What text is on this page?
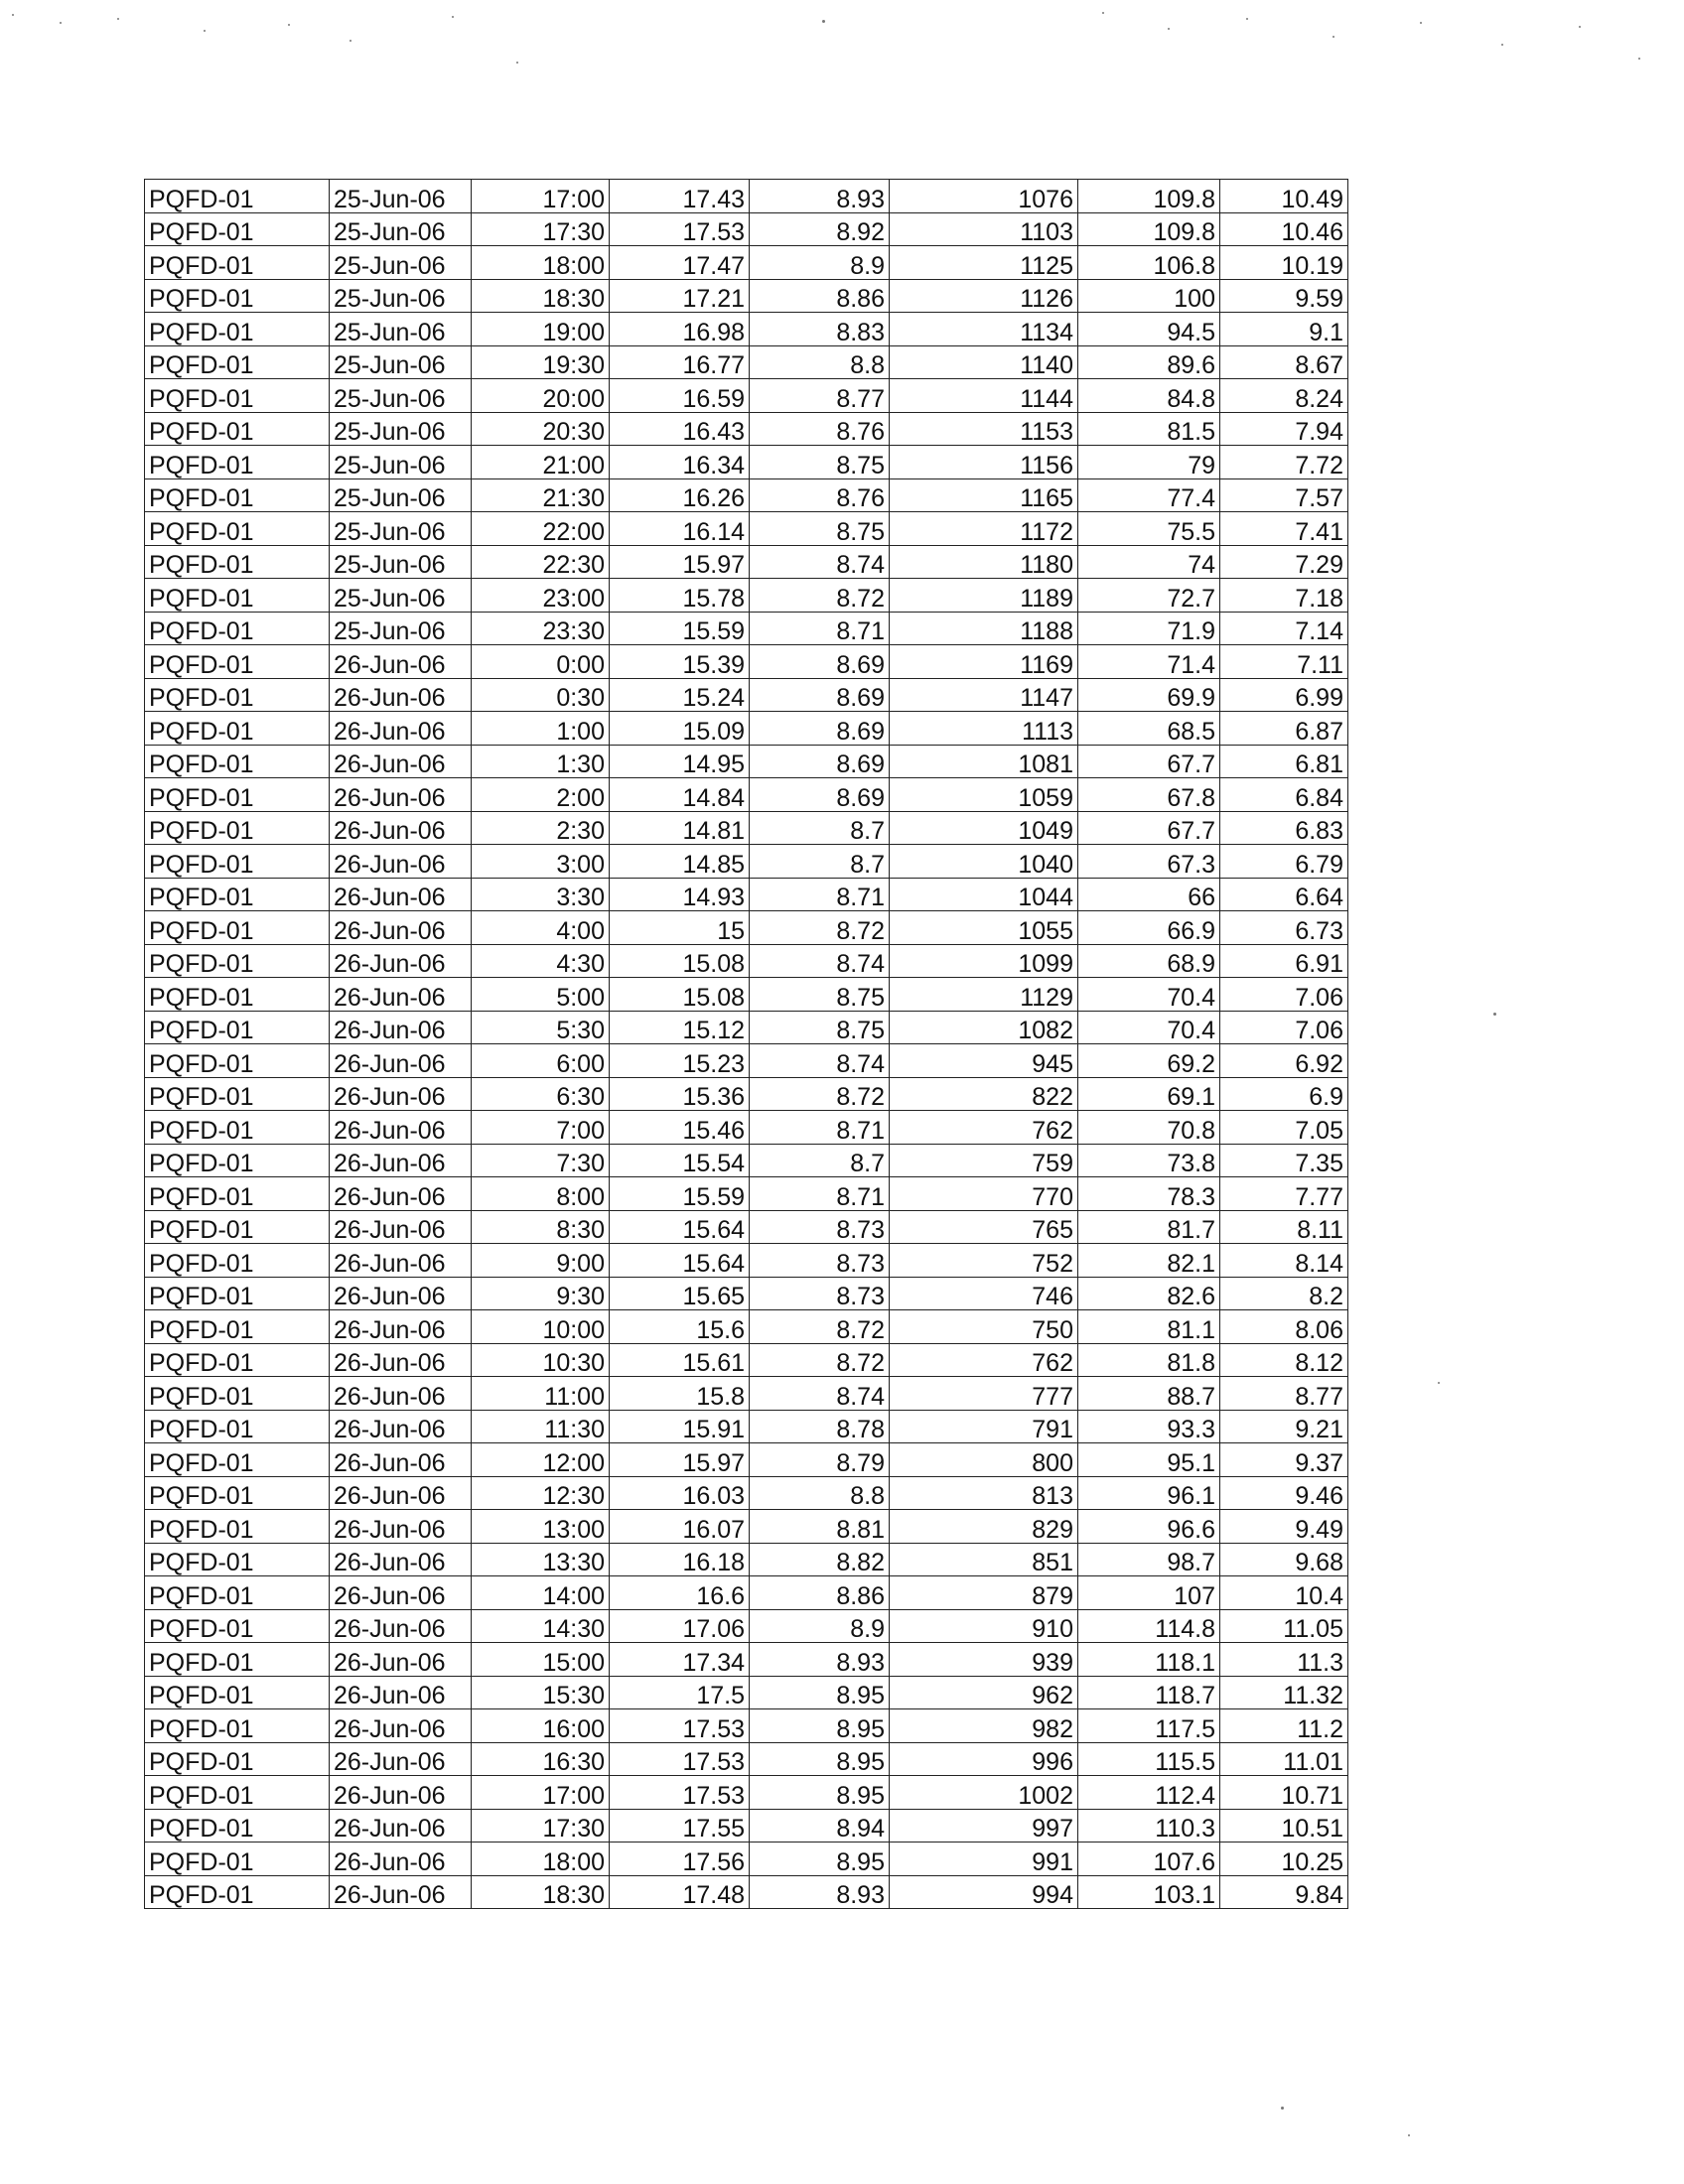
PQFD-01	25-Jun-06	17:00	17.43	8.93	1076	109.8	10.49
PQFD-01	25-Jun-06	17:30	17.53	8.92	1103	109.8	10.46
PQFD-01	25-Jun-06	18:00	17.47	8.9	1125	106.8	10.19
PQFD-01	25-Jun-06	18:30	17.21	8.86	1126	100	9.59
PQFD-01	25-Jun-06	19:00	16.98	8.83	1134	94.5	9.1
PQFD-01	25-Jun-06	19:30	16.77	8.8	1140	89.6	8.67
PQFD-01	25-Jun-06	20:00	16.59	8.77	1144	84.8	8.24
PQFD-01	25-Jun-06	20:30	16.43	8.76	1153	81.5	7.94
PQFD-01	25-Jun-06	21:00	16.34	8.75	1156	79	7.72
PQFD-01	25-Jun-06	21:30	16.26	8.76	1165	77.4	7.57
PQFD-01	25-Jun-06	22:00	16.14	8.75	1172	75.5	7.41
PQFD-01	25-Jun-06	22:30	15.97	8.74	1180	74	7.29
PQFD-01	25-Jun-06	23:00	15.78	8.72	1189	72.7	7.18
PQFD-01	25-Jun-06	23:30	15.59	8.71	1188	71.9	7.14
PQFD-01	26-Jun-06	0:00	15.39	8.69	1169	71.4	7.11
PQFD-01	26-Jun-06	0:30	15.24	8.69	1147	69.9	6.99
PQFD-01	26-Jun-06	1:00	15.09	8.69	1113	68.5	6.87
PQFD-01	26-Jun-06	1:30	14.95	8.69	1081	67.7	6.81
PQFD-01	26-Jun-06	2:00	14.84	8.69	1059	67.8	6.84
PQFD-01	26-Jun-06	2:30	14.81	8.7	1049	67.7	6.83
PQFD-01	26-Jun-06	3:00	14.85	8.7	1040	67.3	6.79
PQFD-01	26-Jun-06	3:30	14.93	8.71	1044	66	6.64
PQFD-01	26-Jun-06	4:00	15	8.72	1055	66.9	6.73
PQFD-01	26-Jun-06	4:30	15.08	8.74	1099	68.9	6.91
PQFD-01	26-Jun-06	5:00	15.08	8.75	1129	70.4	7.06
PQFD-01	26-Jun-06	5:30	15.12	8.75	1082	70.4	7.06
PQFD-01	26-Jun-06	6:00	15.23	8.74	945	69.2	6.92
PQFD-01	26-Jun-06	6:30	15.36	8.72	822	69.1	6.9
PQFD-01	26-Jun-06	7:00	15.46	8.71	762	70.8	7.05
PQFD-01	26-Jun-06	7:30	15.54	8.7	759	73.8	7.35
PQFD-01	26-Jun-06	8:00	15.59	8.71	770	78.3	7.77
PQFD-01	26-Jun-06	8:30	15.64	8.73	765	81.7	8.11
PQFD-01	26-Jun-06	9:00	15.64	8.73	752	82.1	8.14
PQFD-01	26-Jun-06	9:30	15.65	8.73	746	82.6	8.2
PQFD-01	26-Jun-06	10:00	15.6	8.72	750	81.1	8.06
PQFD-01	26-Jun-06	10:30	15.61	8.72	762	81.8	8.12
PQFD-01	26-Jun-06	11:00	15.8	8.74	777	88.7	8.77
PQFD-01	26-Jun-06	11:30	15.91	8.78	791	93.3	9.21
PQFD-01	26-Jun-06	12:00	15.97	8.79	800	95.1	9.37
PQFD-01	26-Jun-06	12:30	16.03	8.8	813	96.1	9.46
PQFD-01	26-Jun-06	13:00	16.07	8.81	829	96.6	9.49
PQFD-01	26-Jun-06	13:30	16.18	8.82	851	98.7	9.68
PQFD-01	26-Jun-06	14:00	16.6	8.86	879	107	10.4
PQFD-01	26-Jun-06	14:30	17.06	8.9	910	114.8	11.05
PQFD-01	26-Jun-06	15:00	17.34	8.93	939	118.1	11.3
PQFD-01	26-Jun-06	15:30	17.5	8.95	962	118.7	11.32
PQFD-01	26-Jun-06	16:00	17.53	8.95	982	117.5	11.2
PQFD-01	26-Jun-06	16:30	17.53	8.95	996	115.5	11.01
PQFD-01	26-Jun-06	17:00	17.53	8.95	1002	112.4	10.71
PQFD-01	26-Jun-06	17:30	17.55	8.94	997	110.3	10.51
PQFD-01	26-Jun-06	18:00	17.56	8.95	991	107.6	10.25
PQFD-01	26-Jun-06	18:30	17.48	8.93	994	103.1	9.84
